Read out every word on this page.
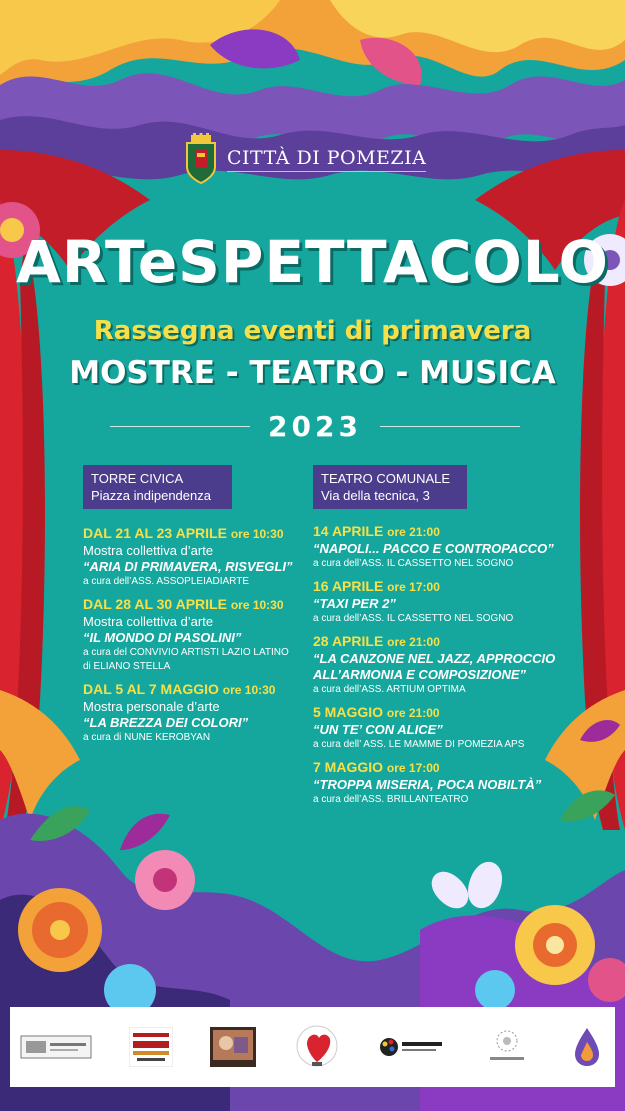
CITTÀ DI POMEZIA
ARTeSPETTACOLO
Rassegna eventi di primavera
MOSTRE - TEATRO - MUSICA
2023
TORRE CIVICA
Piazza indipendenza
DAL 21 AL 23 APRILE ore 10:30
Mostra collettiva d’arte
“ARIA DI PRIMAVERA, RISVEGLI”
a cura dell’ASS. ASSOPLEIADIARTE
DAL 28 AL 30 APRILE ore 10:30
Mostra collettiva d’arte
“IL MONDO DI PASOLINI”
a cura del CONVIVIO ARTISTI LAZIO LATINO
di ELIANO STELLA
DAL 5 AL 7 MAGGIO ore 10:30
Mostra personale d’arte
“LA BREZZA DEI COLORI”
a cura di NUNE KEROBYAN
TEATRO COMUNALE
Via della tecnica, 3
14 APRILE ore 21:00
“NAPOLI... PACCO E CONTROPACCO”
a cura dell’ASS. IL CASSETTO NEL SOGNO
16 APRILE ore 17:00
“TAXI PER 2”
a cura dell’ASS. IL CASSETTO NEL SOGNO
28 APRILE ore 21:00
“LA CANZONE NEL JAZZ, APPROCCIO
ALL’ARMONIA E COMPOSIZIONE”
a cura dell’ASS. ARTIUM OPTIMA
5 MAGGIO ore 21:00
“UN TE’ CON ALICE”
a cura dell’ ASS. LE MAMME DI POMEZIA APS
7 MAGGIO ore 17:00
“TROPPA MISERIA, POCA NOBILTÀ”
a cura dell’ASS. BRILLANTEATRO
